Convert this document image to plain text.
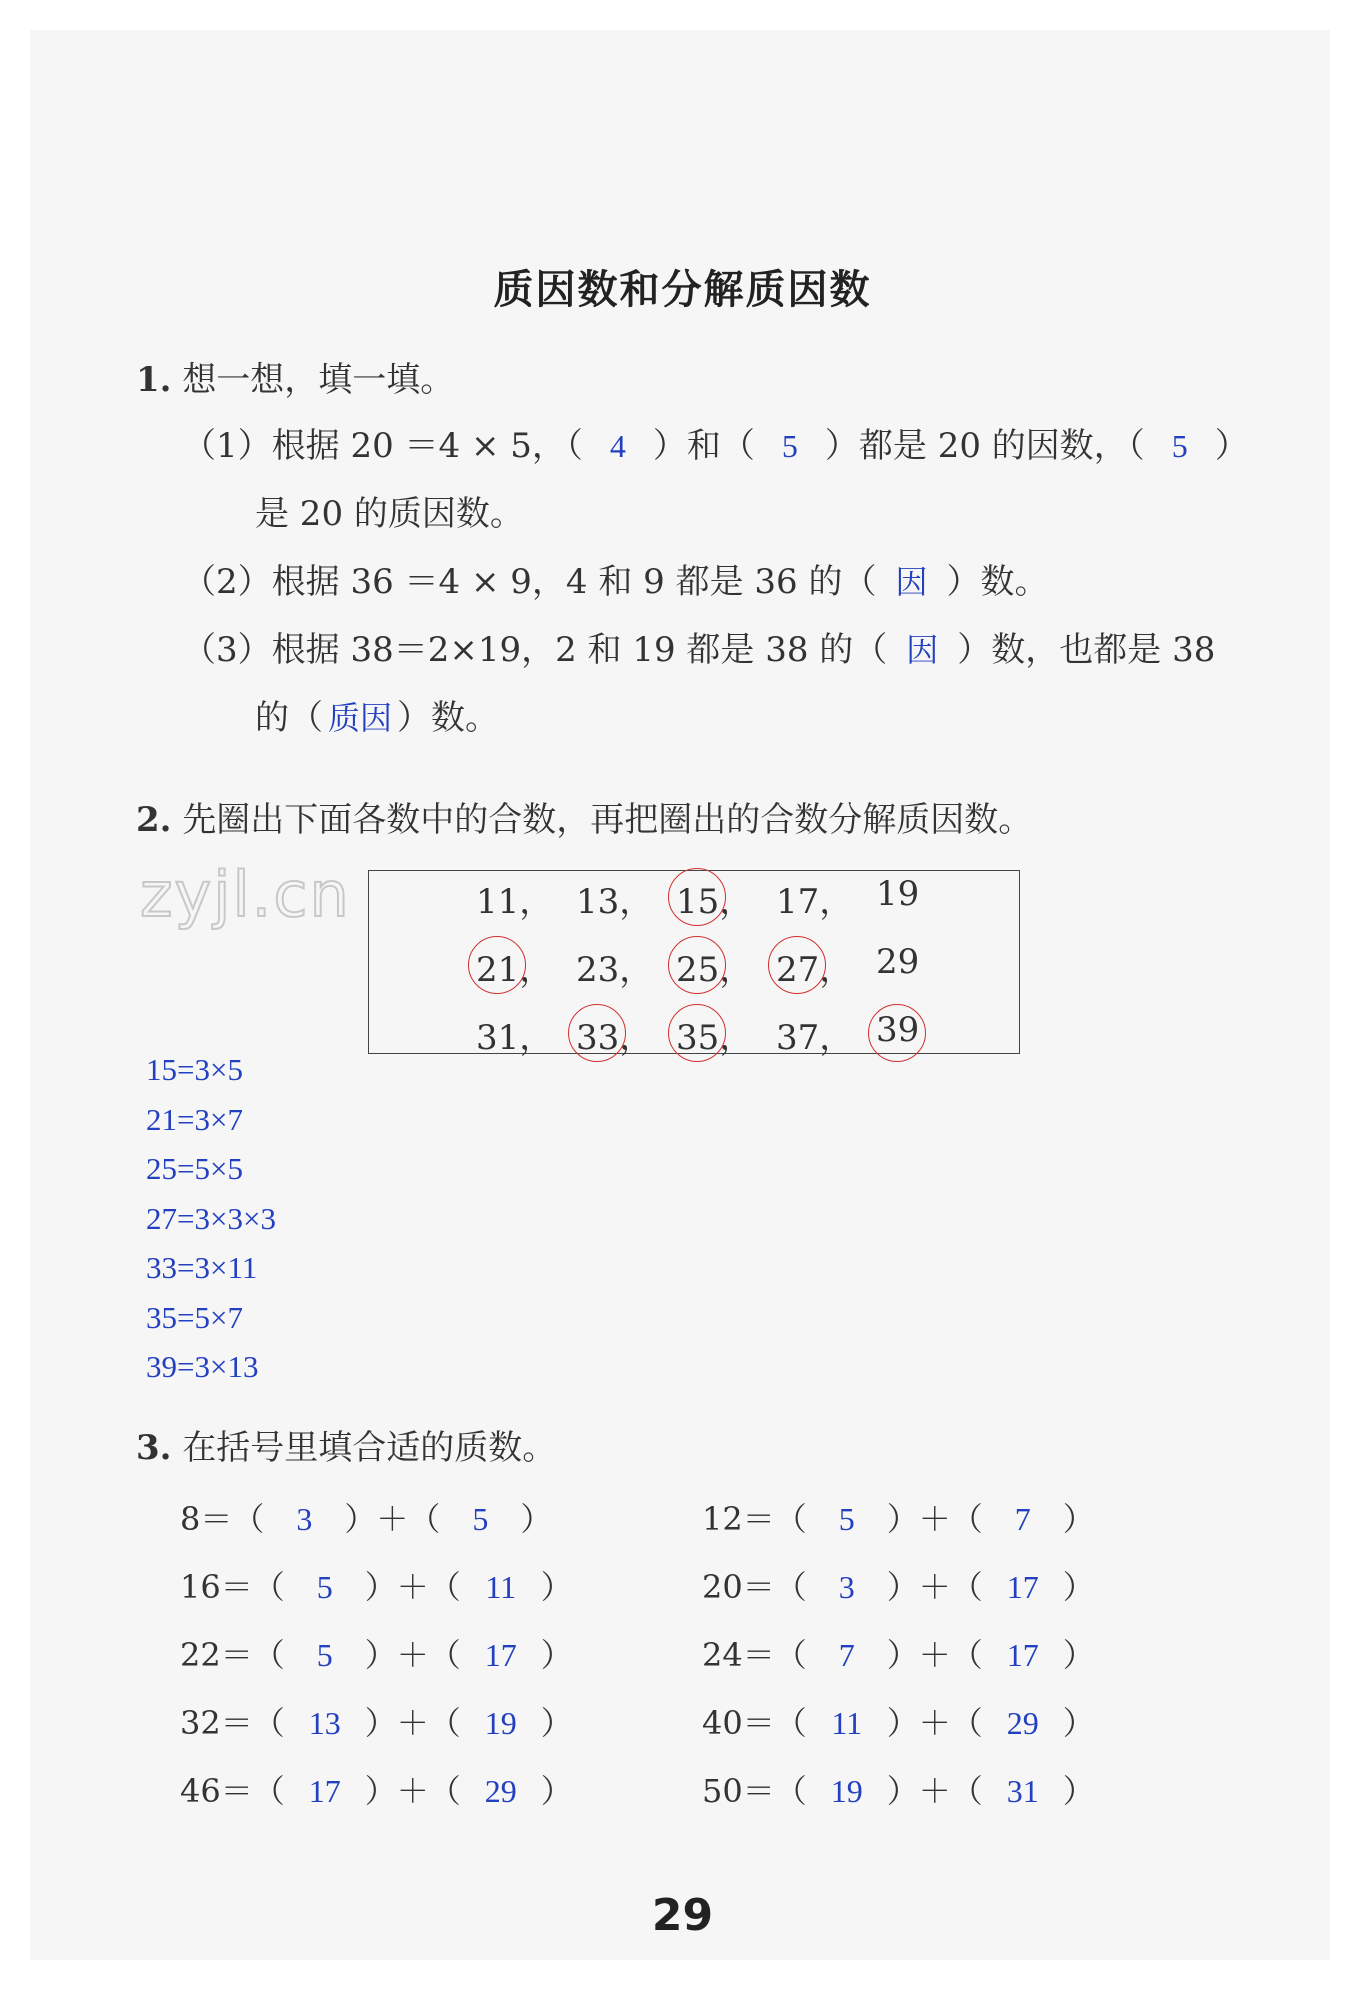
质因数和分解质因数
1. 想一想，填一填。
（1）根据 20 ＝4 × 5，（ 4 ）和（ 5 ）都是 20 的因数，（ 5 ）
是 20 的质因数。
（2）根据 36 ＝4 × 9，4 和 9 都是 36 的（ 因 ）数。
（3）根据 38＝2×19，2 和 19 都是 38 的（ 因 ）数，也都是 38
的（ 质因 ）数。
2. 先圈出下面各数中的合数，再把圈出的合数分解质因数。
zyjl.cn	11， 13， 15， 17， 19
21， 23， 25， 27， 29
31， 33， 35， 37， 39
15=3×5
21=3×7
25=5×5
27=3×3×3
33=3×11
35=5×7
39=3×13
3. 在括号里填合适的质数。
8＝（ 3 ）＋（ 5 ）	12＝（ 5 ）＋（ 7 ）
16＝（ 5 ）＋（ 11 ）	20＝（ 3 ）＋（ 17 ）
22＝（ 5 ）＋（ 17 ）	24＝（ 7 ）＋（ 17 ）
32＝（ 13 ）＋（ 19 ）	40＝（ 11 ）＋（ 29 ）
46＝（ 17 ）＋（ 29 ）	50＝（ 19 ）＋（ 31 ）
29
